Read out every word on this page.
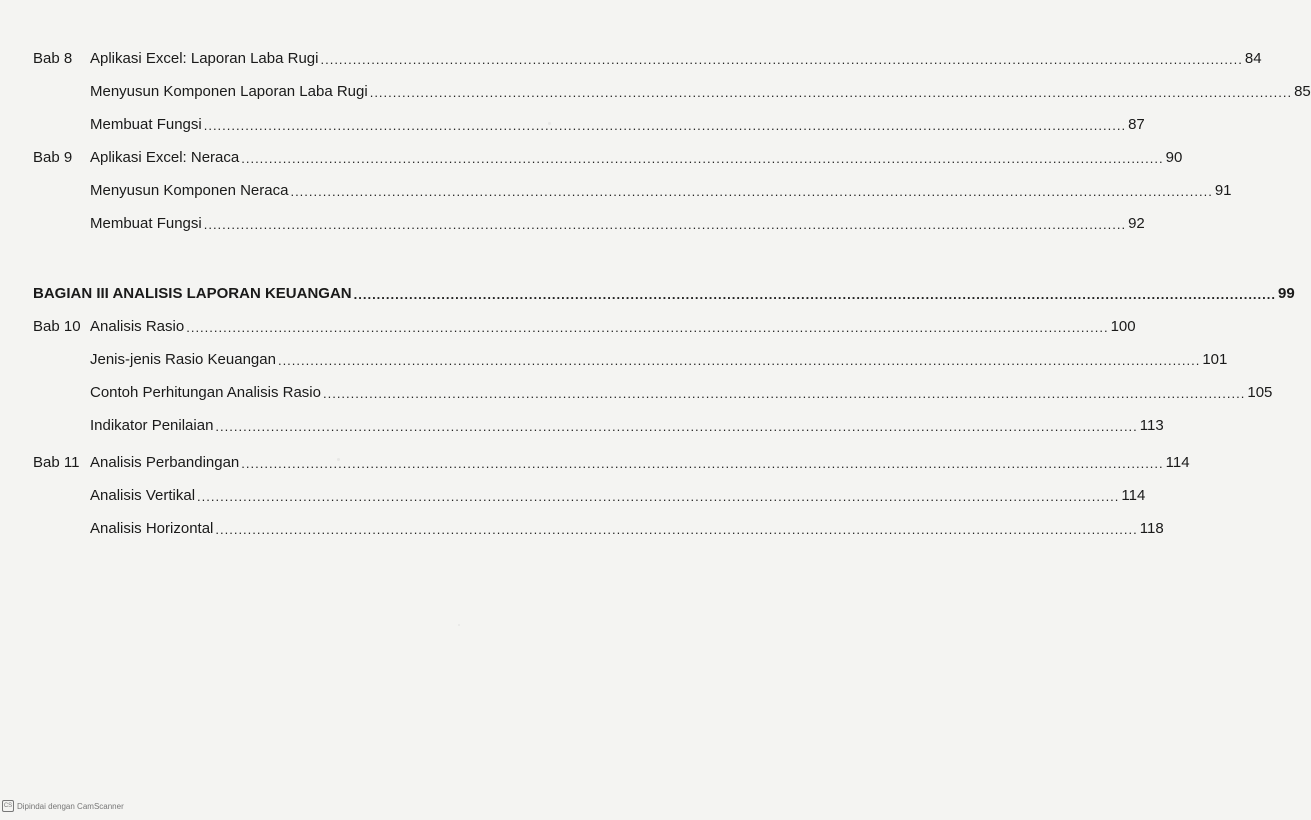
Aplikasi Excel: Laporan Laba Rugi ........................................................................................................................................................................................................ 84
Bab 8
Menyusun Komponen Laporan Laba Rugi ........................................................................................................................................................................................................ 85
Membuat Fungsi ........................................................................................................................................................................................................ 87
Aplikasi Excel: Neraca ........................................................................................................................................................................................................ 90
Bab 9
Menyusun Komponen Neraca ........................................................................................................................................................................................................ 91
Membuat Fungsi ........................................................................................................................................................................................................ 92
BAGIAN III ANALISIS LAPORAN KEUANGAN ........................................................................................................................................................................................................ 99
Analisis Rasio ........................................................................................................................................................................................................ 100
Bab 10
Jenis-jenis Rasio Keuangan ........................................................................................................................................................................................................ 101
Contoh Perhitungan Analisis Rasio ........................................................................................................................................................................................................ 105
Indikator Penilaian ........................................................................................................................................................................................................ 113
Analisis Perbandingan ........................................................................................................................................................................................................ 114
Bab 11
Analisis Vertikal ........................................................................................................................................................................................................ 114
Analisis Horizontal ........................................................................................................................................................................................................ 118
CS Dipindai dengan CamScanner
